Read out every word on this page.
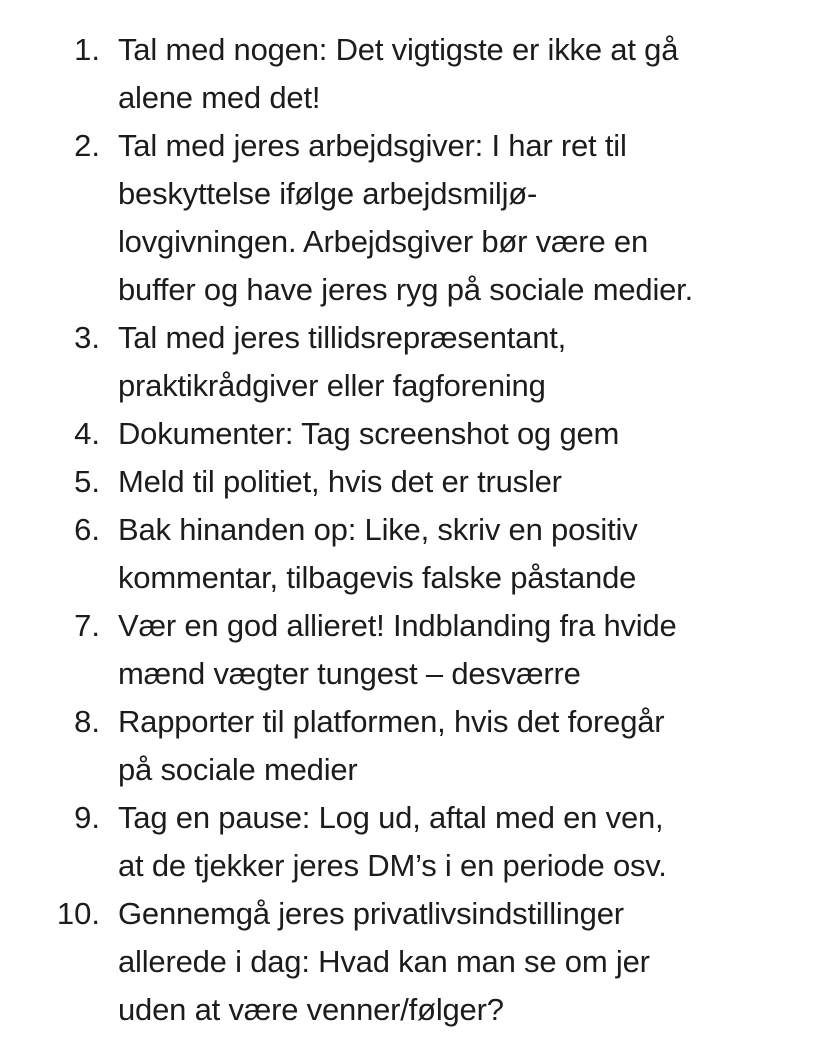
1. Tal med nogen: Det vigtigste er ikke at gå
alene med det!
2. Tal med jeres arbejdsgiver: I har ret til
beskyttelse ifølge arbejdsmiljø-
lovgivningen. Arbejdsgiver bør være en
buffer og have jeres ryg på sociale medier.
3. Tal med jeres tillidsrepræsentant,
praktikrådgiver eller fagforening
4. Dokumenter: Tag screenshot og gem
5. Meld til politiet, hvis det er trusler
6. Bak hinanden op: Like, skriv en positiv
kommentar, tilbagevis falske påstande
7. Vær en god allieret! Indblanding fra hvide
mænd vægter tungest – desværre
8. Rapporter til platformen, hvis det foregår
på sociale medier
9. Tag en pause: Log ud, aftal med en ven,
at de tjekker jeres DM’s i en periode osv.
10. Gennemgå jeres privatlivsindstillinger
allerede i dag: Hvad kan man se om jer
uden at være venner/følger?
